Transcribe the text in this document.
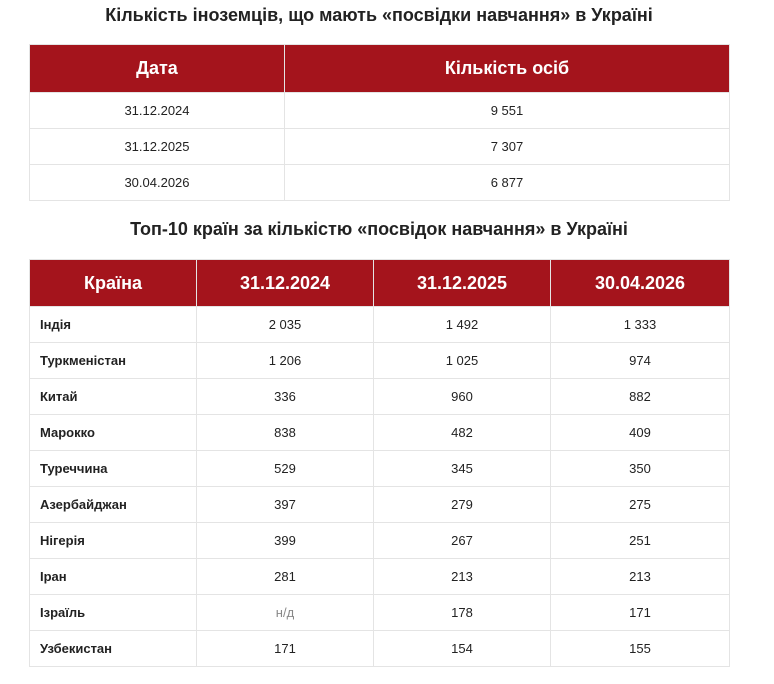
Кількість іноземців, що мають «посвідки навчання» в Україні
Дата	Кількість осіб
31.12.2024	9 551
31.12.2025	7 307
30.04.2026	6 877
Топ-10 країн за кількістю «посвідок навчання» в Україні
Країна	31.12.2024	31.12.2025	30.04.2026
Індія	2 035	1 492	1 333
Туркменістан	1 206	1 025	974
Китай	336	960	882
Марокко	838	482	409
Туреччина	529	345	350
Азербайджан	397	279	275
Нігерія	399	267	251
Іран	281	213	213
Ізраїль	н/д	178	171
Узбекистан	171	154	155
